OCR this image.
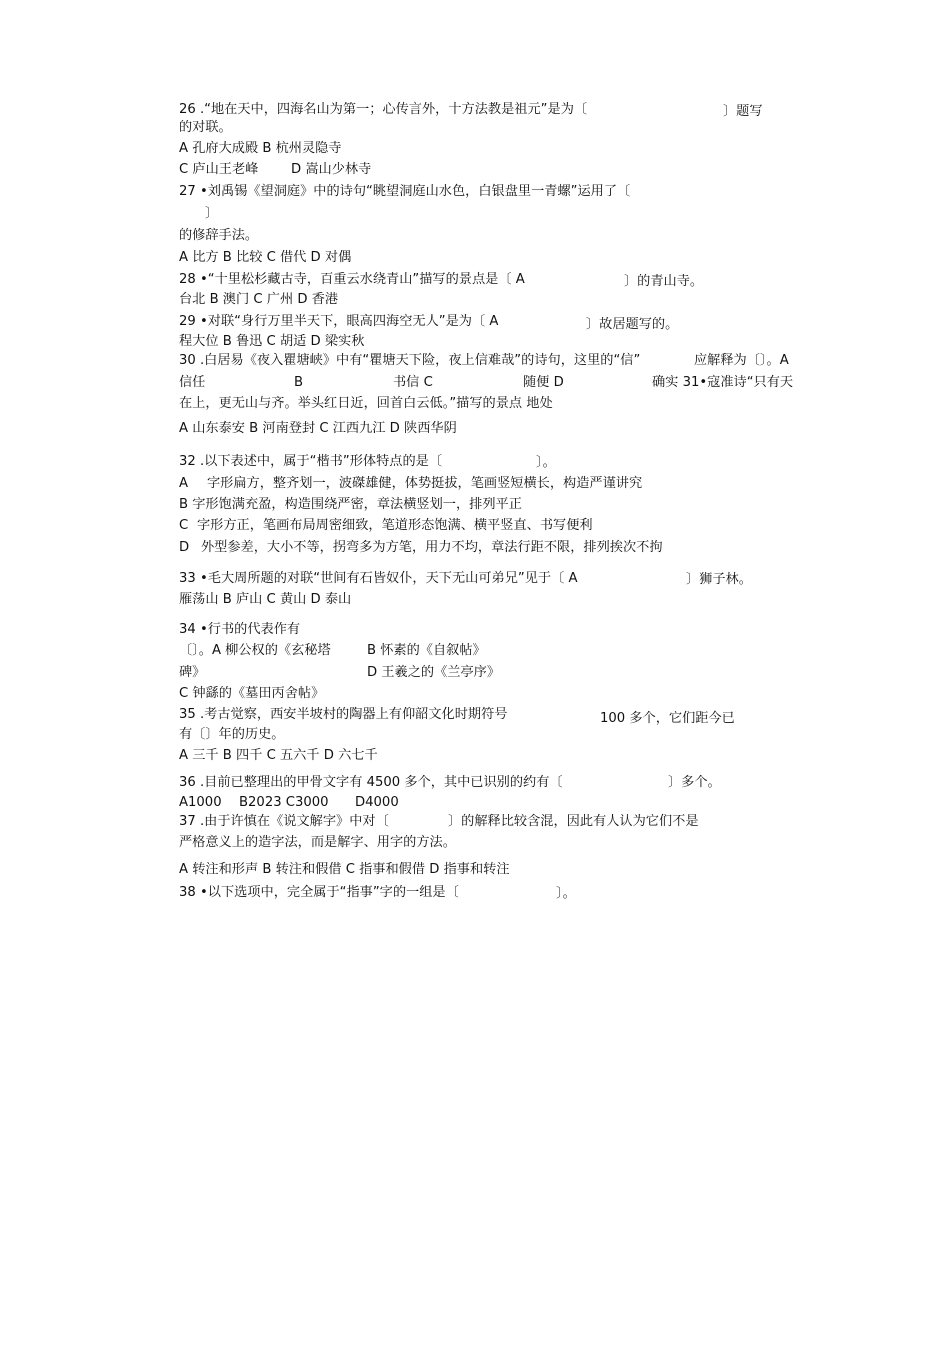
26 .“地在天中，四海名山为第一；心传言外，十方法教是祖元”是为〔	〕题写
的对联。
A 孔府大成殿 B 杭州灵隐寺
C 庐山王老峰 D 嵩山少林寺
27 •刘禹锡《望洞庭》中的诗句“眺望洞庭山水色，白银盘里一青螺”运用了〔
〕
的修辞手法。
A 比方 B 比较 C 借代 D 对偶
28 •“十里松杉藏古寺，百重云水绕青山”描写的景点是〔 A	〕的青山寺。
台北 B 澳门 C 广州 D 香港
29 •对联“身行万里半天下，眼高四海空无人”是为〔 A	〕故居题写的。
程大位 B 鲁迅 C 胡适 D 梁实秋
30 .白居易《夜入瞿塘峡》中有“瞿塘天下险，夜上信难哉”的诗句，这里的“信”	应解释为〔〕。A
信任	B	书信 C	随便 D	确实 31•寇准诗“只有天
在上，更无山与齐。举头红日近，回首白云低。”描写的景点 地处
A 山东泰安 B 河南登封 C 江西九江 D 陕西华阴
32 .以下表述中，属于“楷书”形体特点的是〔	〕。
A 字形扁方，整齐划一，波磔雄健，体势挺拔，笔画竖短横长，构造严谨讲究
B 字形饱满充盈，构造围绕严密，章法横竖划一，排列平正
C 字形方正，笔画布局周密细致，笔道形态饱满、横平竖直、书写便利
D 外型参差，大小不等，拐弯多为方笔，用力不均，章法行距不限，排列挨次不拘
33 •毛大周所题的对联“世间有石皆奴仆，天下无山可弟兄”见于〔 A	〕狮子林。
雁荡山 B 庐山 C 黄山 D 泰山
34 •行书的代表作有
〔〕。A 柳公权的《玄秘塔	B 怀素的《自叙帖》
碑》	D 王羲之的《兰亭序》
C 钟繇的《墓田丙舍帖》
35 .考古觉察，西安半坡村的陶器上有仰韶文化时期符号	100 多个，它们距今已
有〔〕年的历史。
A 三千 B 四千 C 五六千 D 六七千
36 .目前已整理出的甲骨文字有 4500 多个，其中已识别的约有〔	〕多个。
A1000 B2023 C3000 D4000
37 .由于许慎在《说文解字》中对〔	〕的解释比较含混，因此有人认为它们不是
严格意义上的造字法，而是解字、用字的方法。
A 转注和形声 B 转注和假借 C 指事和假借 D 指事和转注
38 •以下选项中，完全属于“指事”字的一组是〔	〕。
